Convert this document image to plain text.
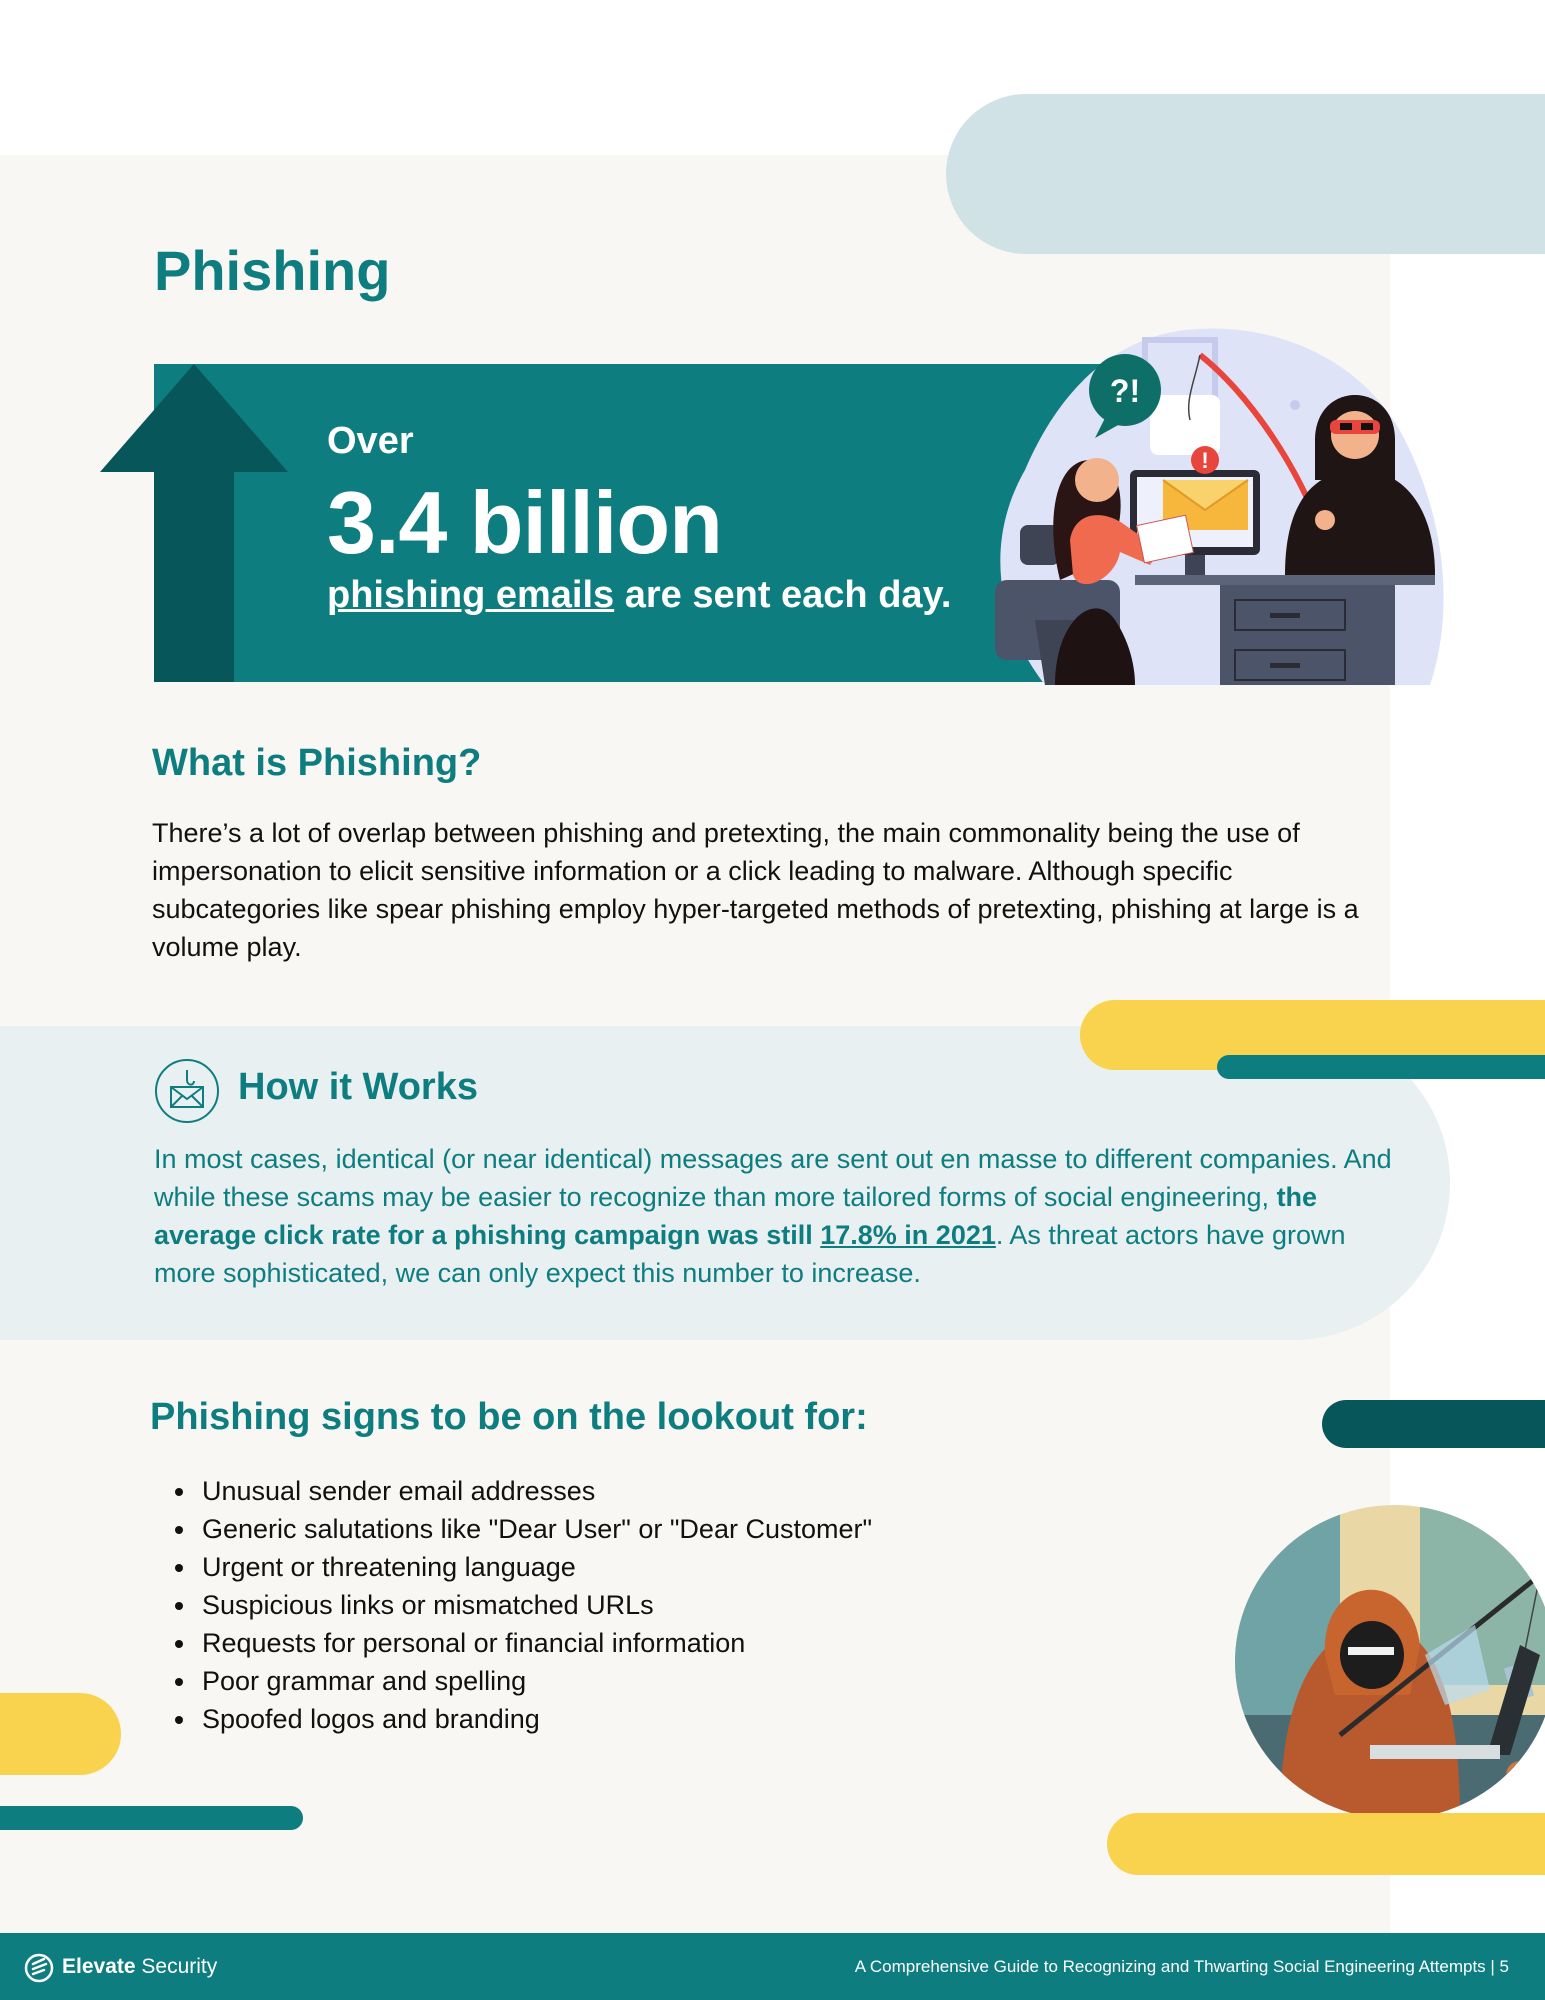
Phishing
Over
3.4 billion
phishing emails are sent each day.
!
?!
What is Phishing?

There’s a lot of overlap between phishing and pretexting, the main commonality being the use of impersonation to elicit sensitive information or a click leading to malware. Although specific subcategories like spear phishing employ hyper-targeted methods of pretexting, phishing at large is a volume play.

How it Works

In most cases, identical (or near identical) messages are sent out en masse to different companies. And while these scams may be easier to recognize than more tailored forms of social engineering, the average click rate for a phishing campaign was still 17.8% in 2021. As threat actors have grown more sophisticated, we can only expect this number to increase.

Phishing signs to be on the lookout for:
• Unusual sender email addresses
• Generic salutations like "Dear User" or "Dear Customer"
• Urgent or threatening language
• Suspicious links or mismatched URLs
• Requests for personal or financial information
• Poor grammar and spelling
• Spoofed logos and branding
Elevate Security	A Comprehensive Guide to Recognizing and Thwarting Social Engineering Attempts | 5
